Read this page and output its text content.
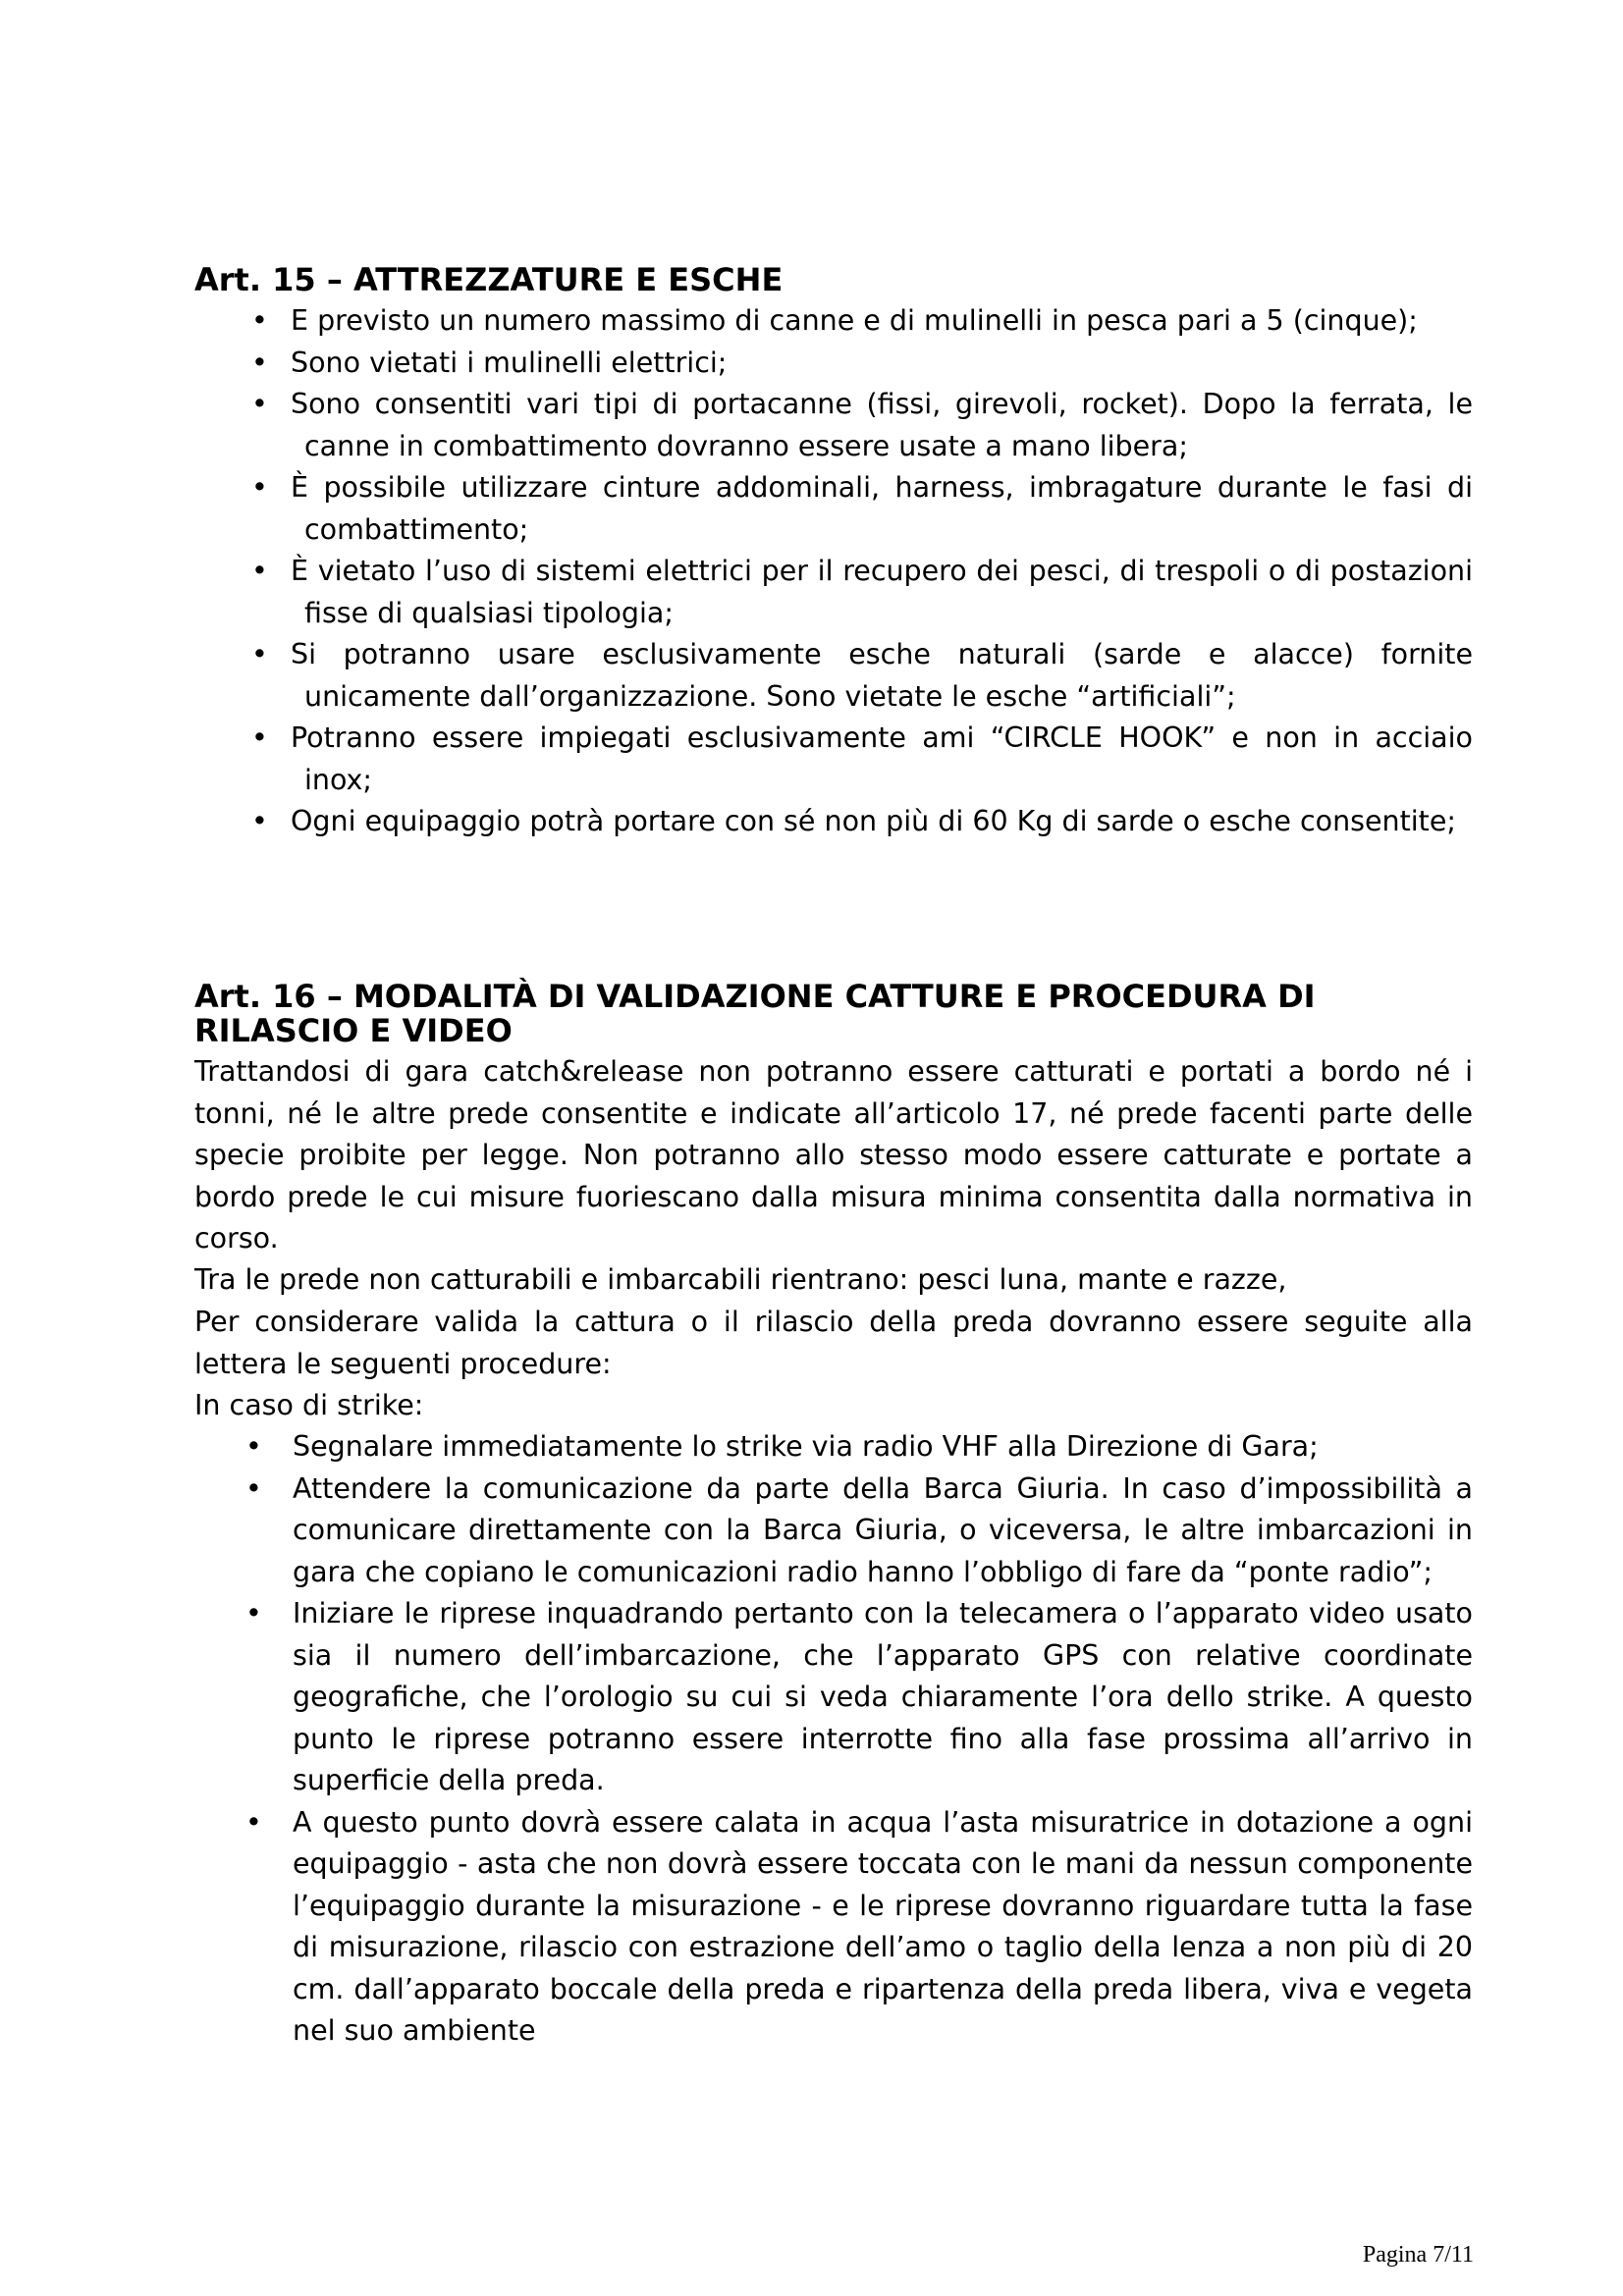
Art. 15 – ATTREZZATURE E ESCHE
• E previsto un numero massimo di canne e di mulinelli in pesca pari a 5 (cinque);
• Sono vietati i mulinelli elettrici;
• Sono consentiti vari tipi di portacanne (fissi, girevoli, rocket). Dopo la ferrata, le canne in combattimento dovranno essere usate a mano libera;
• È possibile utilizzare cinture addominali, harness, imbragature durante le fasi di combattimento;
• È vietato l’uso di sistemi elettrici per il recupero dei pesci, di trespoli o di postazioni fisse di qualsiasi tipologia;
• Si potranno usare esclusivamente esche naturali (sarde e alacce) fornite unicamente dall’organizzazione. Sono vietate le esche “artificiali”;
• Potranno essere impiegati esclusivamente ami “CIRCLE HOOK” e non in acciaio inox;
• Ogni equipaggio potrà portare con sé non più di 60 Kg di sarde o esche consentite;
Art. 16 – MODALITÀ DI VALIDAZIONE CATTURE E PROCEDURA DI
RILASCIO E VIDEO

Trattandosi di gara catch&release non potranno essere catturati e portati a bordo né i tonni, né le altre prede consentite e indicate all’articolo 17, né prede facenti parte delle specie proibite per legge. Non potranno allo stesso modo essere catturate e portate a bordo prede le cui misure fuoriescano dalla misura minima consentita dalla normativa in corso.

Tra le prede non catturabili e imbarcabili rientrano: pesci luna, mante e razze,

Per considerare valida la cattura o il rilascio della preda dovranno essere seguite alla lettera le seguenti procedure:

In caso di strike:

• Segnalare immediatamente lo strike via radio VHF alla Direzione di Gara;
• Attendere la comunicazione da parte della Barca Giuria. In caso d’impossibilità a comunicare direttamente con la Barca Giuria, o viceversa, le altre imbarcazioni in gara che copiano le comunicazioni radio hanno l’obbligo di fare da “ponte radio”;
• Iniziare le riprese inquadrando pertanto con la telecamera o l’apparato video usato sia il numero dell’imbarcazione, che l’apparato GPS con relative coordinate geografiche, che l’orologio su cui si veda chiaramente l’ora dello strike. A questo punto le riprese potranno essere interrotte fino alla fase prossima all’arrivo in superficie della preda.
• A questo punto dovrà essere calata in acqua l’asta misuratrice in dotazione a ogni equipaggio - asta che non dovrà essere toccata con le mani da nessun componente l’equipaggio durante la misurazione - e le riprese dovranno riguardare tutta la fase di misurazione, rilascio con estrazione dell’amo o taglio della lenza a non più di 20 cm. dall’apparato boccale della preda e ripartenza della preda libera, viva e vegeta nel suo ambiente
Pagina 7/11
